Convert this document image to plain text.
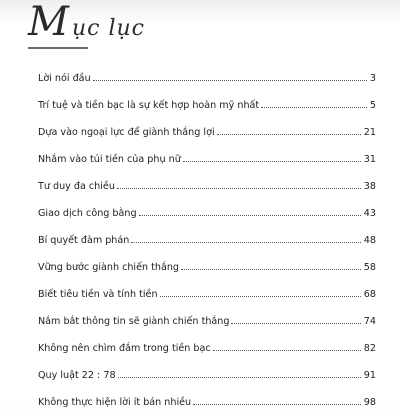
Mục lục
Lời nói đầu	3
Trí tuệ và tiền bạc là sự kết hợp hoàn mỹ nhất	5
Dựa vào ngoại lực để giành thắng lợi	21
Nhắm vào túi tiền của phụ nữ	31
Tư duy đa chiều	38
Giao dịch công bằng	43
Bí quyết đàm phán	48
Vững bước giành chiến thắng	58
Biết tiêu tiền và tính tiền	68
Nắm bắt thông tin sẽ giành chiến thắng	74
Không nên chìm đắm trong tiền bạc	82
Quy luật 22 : 78	91
Không thực hiện lời ít bán nhiều	98
